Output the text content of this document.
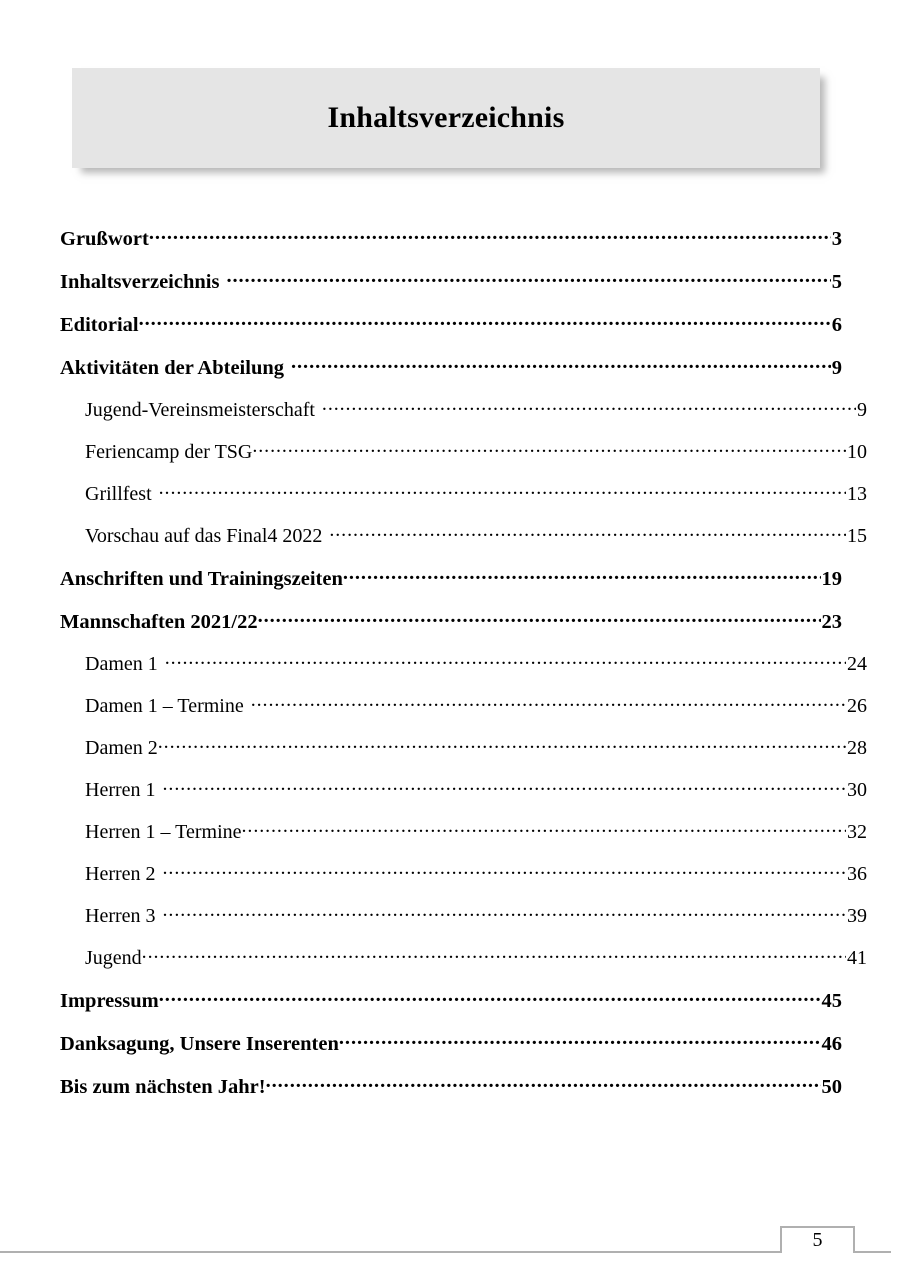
Inhaltsverzeichnis
Grußwort .....	3
Inhaltsverzeichnis .....	5
Editorial .....	6
Aktivitäten der Abteilung .....	9
Jugend-Vereinsmeisterschaft .....	9
Feriencamp der TSG .....	10
Grillfest .....	13
Vorschau auf das Final4 2022 .....	15
Anschriften und Trainingszeiten .....	19
Mannschaften 2021/22 .....	23
Damen 1 .....	24
Damen 1 – Termine .....	26
Damen 2 .....	28
Herren 1 .....	30
Herren 1 – Termine .....	32
Herren 2 .....	36
Herren 3 .....	39
Jugend .....	41
Impressum .....	45
Danksagung, Unsere Inserenten .....	46
Bis zum nächsten Jahr! .....	50
5
